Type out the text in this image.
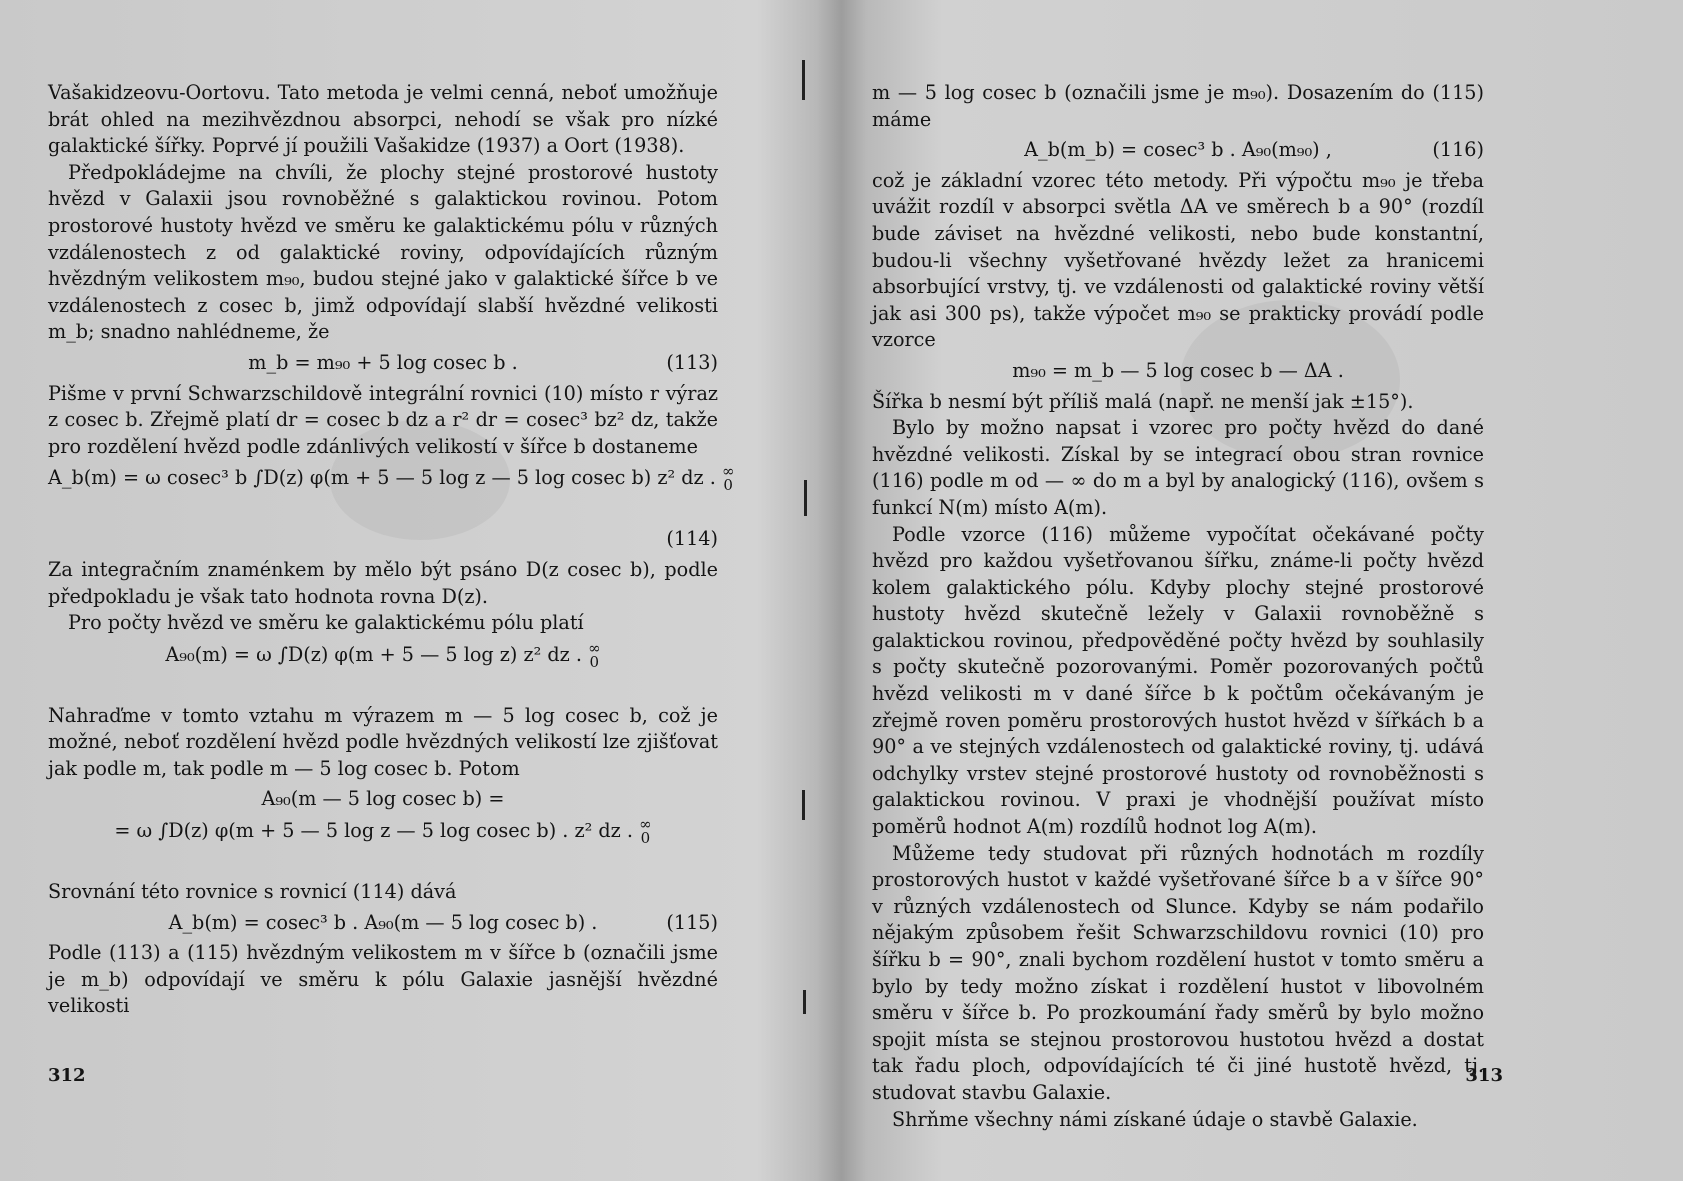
Vašakidzeovu-Oortovu. Tato metoda je velmi cenná, neboť umožňuje brát ohled na mezihvězdnou absorpci, nehodí se však pro nízké galaktické šířky. Poprvé jí použili Vašakidze (1937) a Oort (1938).

Předpokládejme na chvíli, že plochy stejné prostorové hustoty hvězd v Galaxii jsou rovnoběžné s galaktickou rovinou. Potom prostorové hustoty hvězd ve směru ke galaktickému pólu v různých vzdálenostech z od galaktické roviny, odpovídajících různým hvězdným velikostem m₉₀, budou stejné jako v galaktické šířce b ve vzdálenostech z cosec b, jimž odpovídají slabší hvězdné velikosti m_b; snadno nahlédneme, že

m_b = m₉₀ + 5 log cosec b .	(113)

Pišme v první Schwarzschildově integrální rovnici (10) místo r výraz z cosec b. Zřejmě platí dr = cosec b dz a r² dr = cosec³ bz² dz, takže pro rozdělení hvězd podle zdánlivých velikostí v šířce b dostaneme

A_b(m) = ω cosec³ b ∫D(z) φ(m + 5 — 5 log z — 5 log cosec b) z² dz . ∞
0
(114)

Za integračním znaménkem by mělo být psáno D(z cosec b), podle předpokladu je však tato hodnota rovna D(z).

Pro počty hvězd ve směru ke galaktickému pólu platí

A₉₀(m) = ω ∫D(z) φ(m + 5 — 5 log z) z² dz . ∞
0

Nahraďme v tomto vztahu m výrazem m — 5 log cosec b, což je možné, neboť rozdělení hvězd podle hvězdných velikostí lze zjišťovat jak podle m, tak podle m — 5 log cosec b. Potom

A₉₀(m — 5 log cosec b) =
= ω ∫D(z) φ(m + 5 — 5 log z — 5 log cosec b) . z² dz . ∞
0

Srovnání této rovnice s rovnicí (114) dává

A_b(m) = cosec³ b . A₉₀(m — 5 log cosec b) .	(115)

Podle (113) a (115) hvězdným velikostem m v šířce b (označili jsme je m_b) odpovídají ve směru k pólu Galaxie jasnější hvězdné velikosti

312

m — 5 log cosec b (označili jsme je m₉₀). Dosazením do (115) máme

A_b(m_b) = cosec³ b . A₉₀(m₉₀) ,	(116)

což je základní vzorec této metody. Při výpočtu m₉₀ je třeba uvážit rozdíl v absorpci světla ΔA ve směrech b a 90° (rozdíl bude záviset na hvězdné velikosti, nebo bude konstantní, budou-li všechny vyšetřované hvězdy ležet za hranicemi absorbující vrstvy, tj. ve vzdálenosti od galaktické roviny větší jak asi 300 ps), takže výpočet m₉₀ se prakticky provádí podle vzorce

m₉₀ = m_b — 5 log cosec b — ΔA .

Šířka b nesmí být příliš malá (např. ne menší jak ±15°).

Bylo by možno napsat i vzorec pro počty hvězd do dané hvězdné velikosti. Získal by se integrací obou stran rovnice (116) podle m od — ∞ do m a byl by analogický (116), ovšem s funkcí N(m) místo A(m).

Podle vzorce (116) můžeme vypočítat očekávané počty hvězd pro každou vyšetřovanou šířku, známe-li počty hvězd kolem galaktického pólu. Kdyby plochy stejné prostorové hustoty hvězd skutečně ležely v Galaxii rovnoběžně s galaktickou rovinou, předpověděné počty hvězd by souhlasily s počty skutečně pozorovanými. Poměr pozorovaných počtů hvězd velikosti m v dané šířce b k počtům očekávaným je zřejmě roven poměru prostorových hustot hvězd v šířkách b a 90° a ve stejných vzdálenostech od galaktické roviny, tj. udává odchylky vrstev stejné prostorové hustoty od rovnoběžnosti s galaktickou rovinou. V praxi je vhodnější používat místo poměrů hodnot A(m) rozdílů hodnot log A(m).

Můžeme tedy studovat při různých hodnotách m rozdíly prostorových hustot v každé vyšetřované šířce b a v šířce 90° v různých vzdálenostech od Slunce. Kdyby se nám podařilo nějakým způsobem řešit Schwarzschildovu rovnici (10) pro šířku b = 90°, znali bychom rozdělení hustot v tomto směru a bylo by tedy možno získat i rozdělení hustot v libovolném směru v šířce b. Po prozkoumání řady směrů by bylo možno spojit místa se stejnou prostorovou hustotou hvězd a dostat tak řadu ploch, odpovídajících té či jiné hustotě hvězd, tj. studovat stavbu Galaxie.

Shrňme všechny námi získané údaje o stavbě Galaxie.

313
